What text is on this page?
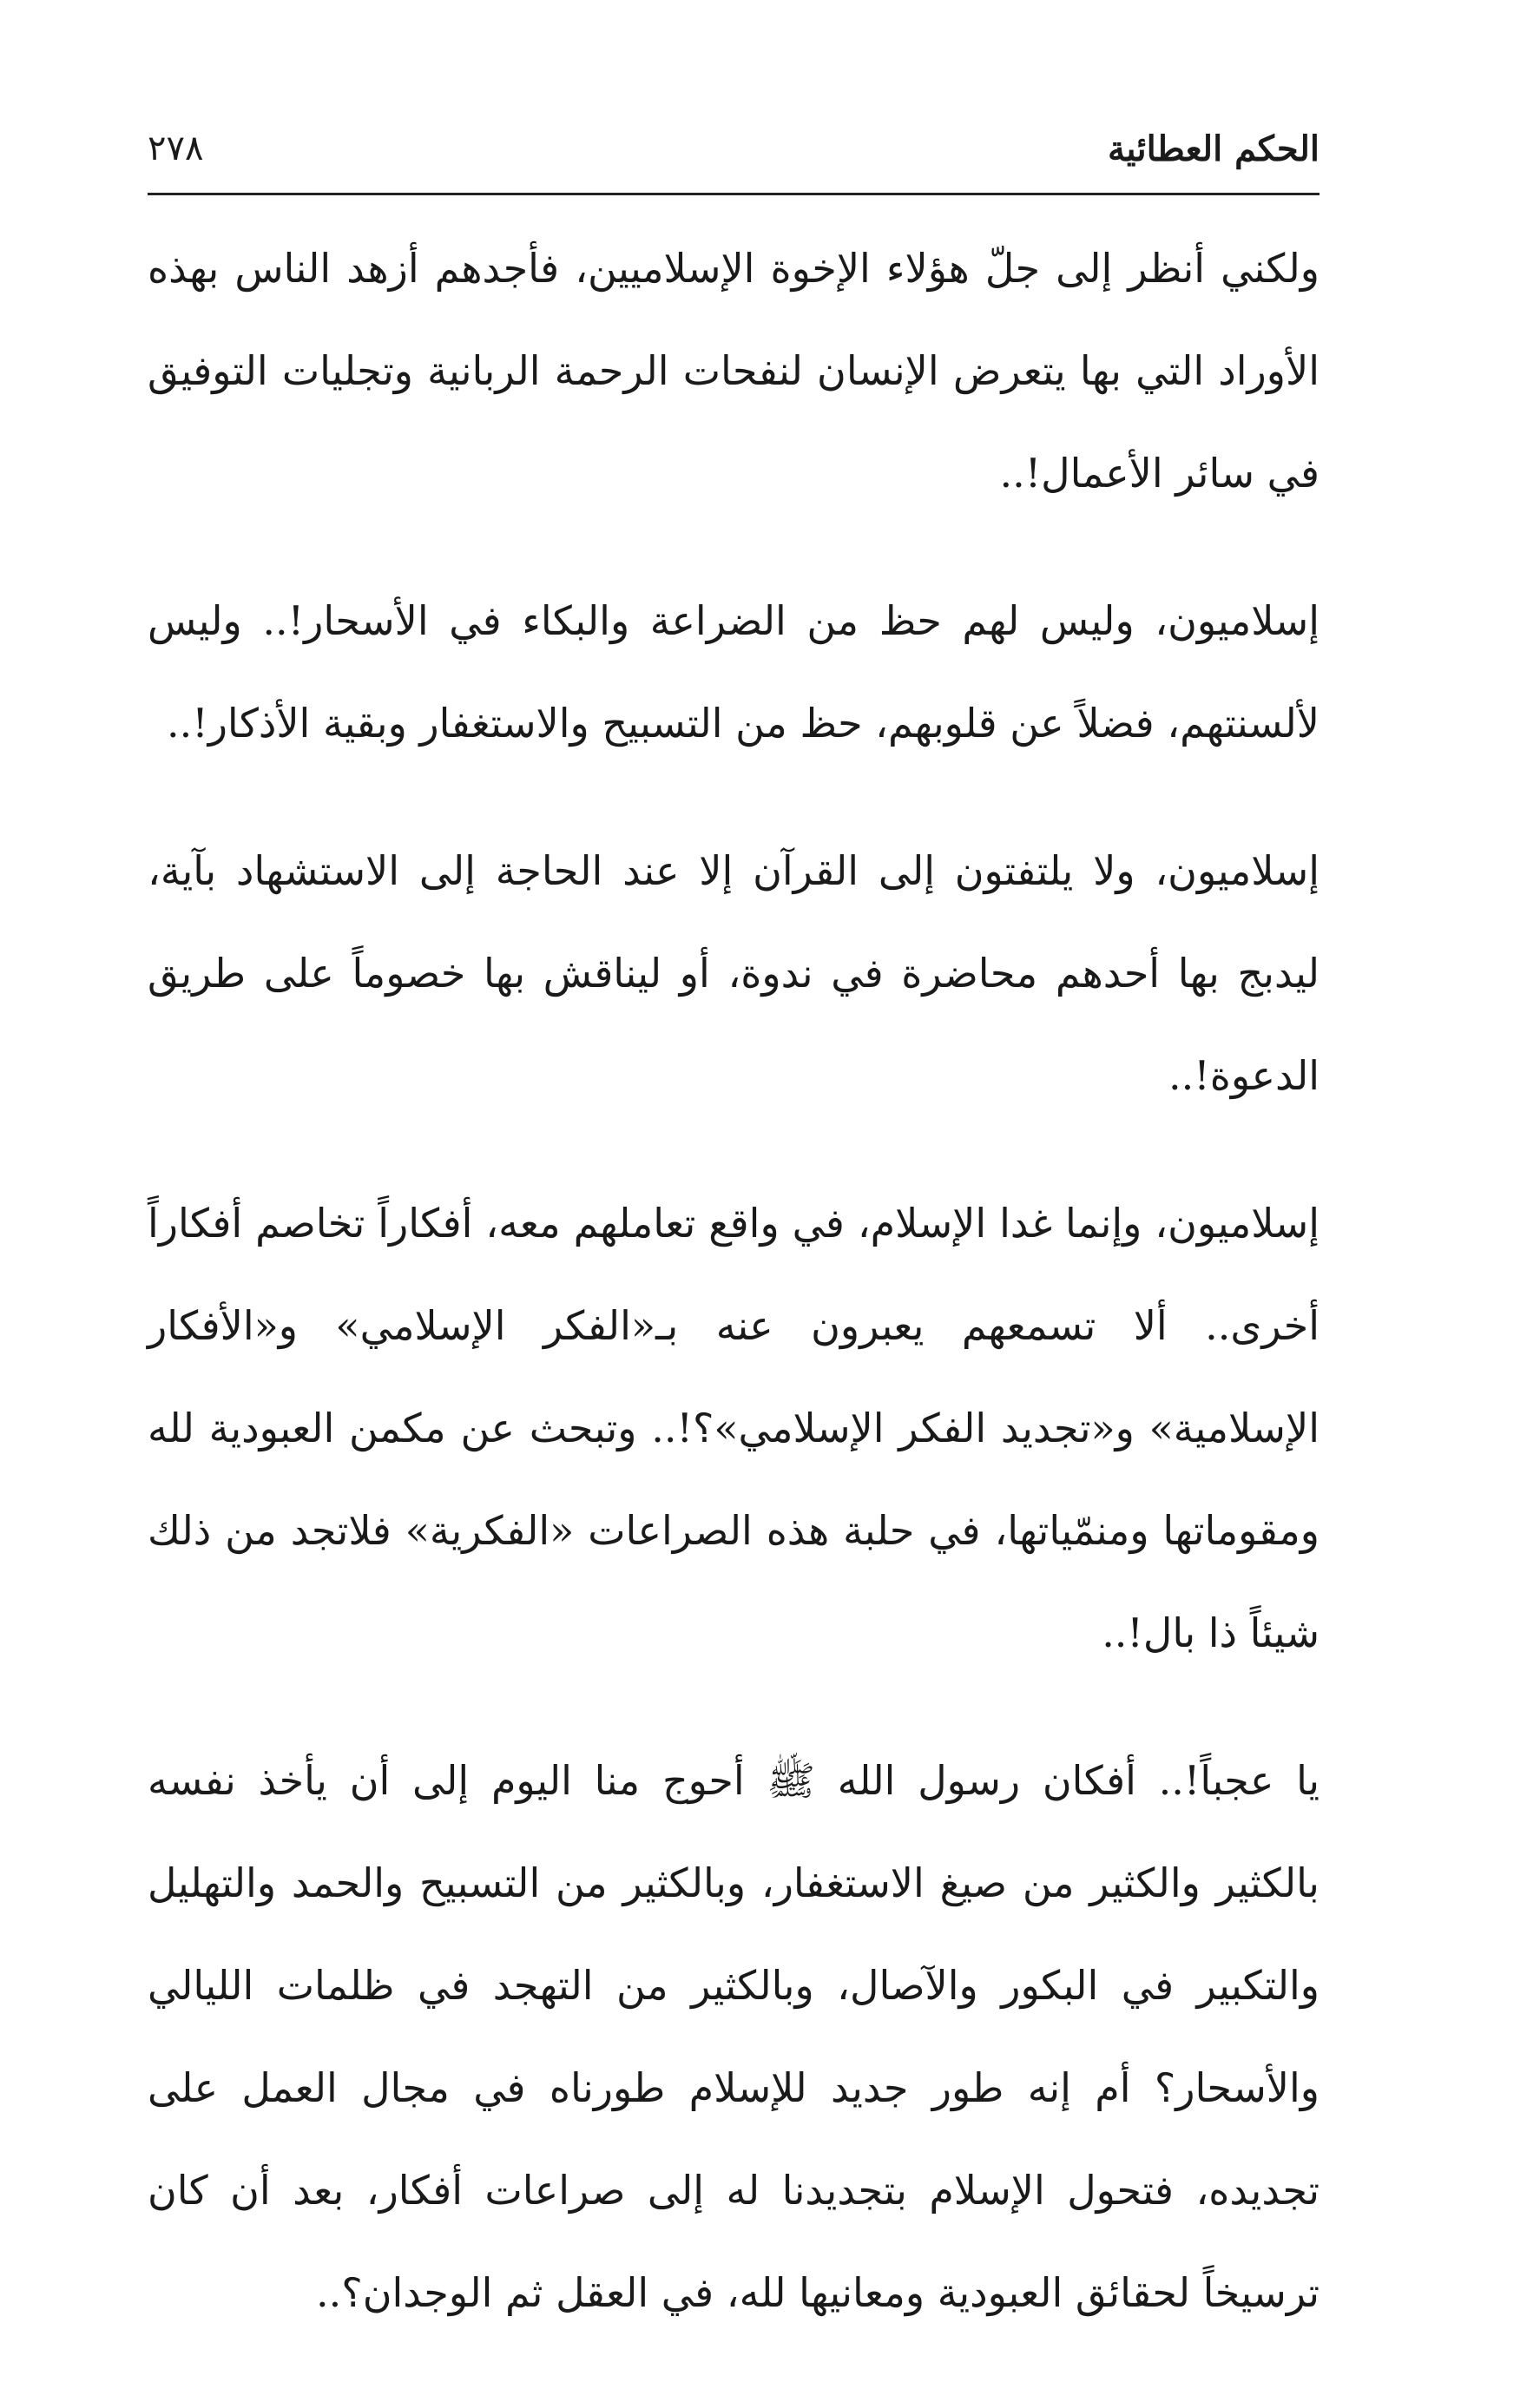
الحكم العطائية
٢٧٨

ولكني أنظر إلى جلّ هؤلاء الإخوة الإسلاميين، فأجدهم أزهد الناس بهذه الأوراد التي بها يتعرض الإنسان لنفحات الرحمة الربانية وتجليات التوفيق في سائر الأعمال!..

إسلاميون، وليس لهم حظ من الضراعة والبكاء في الأسحار!.. وليس لألسنتهم، فضلاً عن قلوبهم، حظ من التسبيح والاستغفار وبقية الأذكار!..

إسلاميون، ولا يلتفتون إلى القرآن إلا عند الحاجة إلى الاستشهاد بآية، ليدبج بها أحدهم محاضرة في ندوة، أو ليناقش بها خصوماً على طريق الدعوة!..

إسلاميون، وإنما غدا الإسلام، في واقع تعاملهم معه، أفكاراً تخاصم أفكاراً أخرى.. ألا تسمعهم يعبرون عنه بـ«الفكر الإسلامي» و«الأفكار الإسلامية» و«تجديد الفكر الإسلامي»؟!.. وتبحث عن مكمن العبودية لله ومقوماتها ومنمّياتها، في حلبة هذه الصراعات «الفكرية» فلاتجد من ذلك شيئاً ذا بال!..

يا عجباً!.. أفكان رسول الله ﷺ أحوج منا اليوم إلى أن يأخذ نفسه بالكثير والكثير من صيغ الاستغفار، وبالكثير من التسبيح والحمد والتهليل والتكبير في البكور والآصال، وبالكثير من التهجد في ظلمات الليالي والأسحار؟ أم إنه طور جديد للإسلام طورناه في مجال العمل على تجديده، فتحول الإسلام بتجديدنا له إلى صراعات أفكار، بعد أن كان ترسيخاً لحقائق العبودية ومعانيها لله، في العقل ثم الوجدان؟..
